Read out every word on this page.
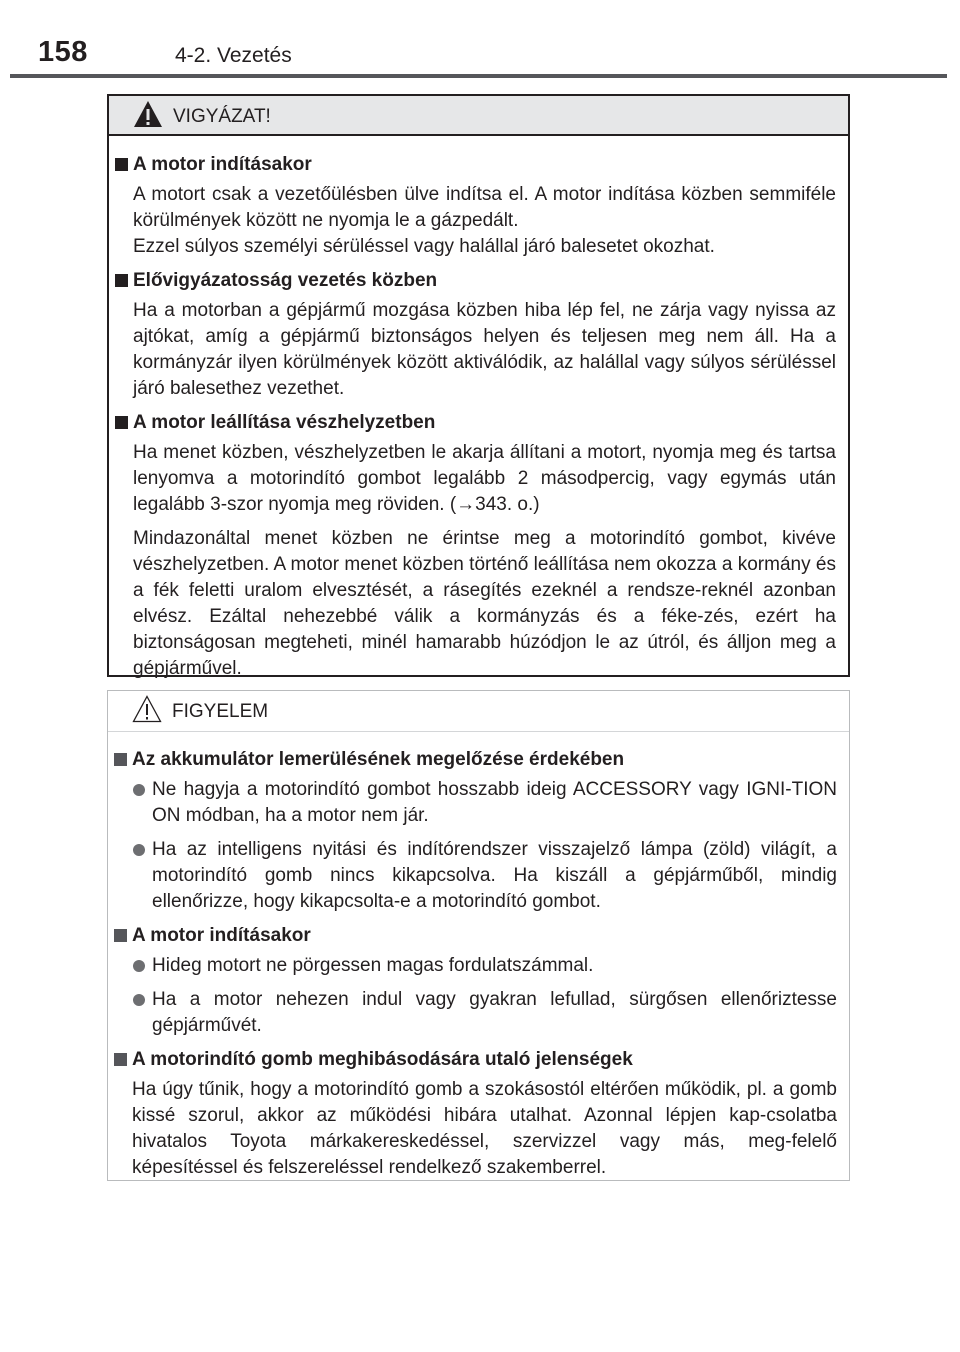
158	4-2. Vezetés
VIGYÁZAT!

A motor indításakor

A motort csak a vezetőülésben ülve indítsa el. A motor indítása közben semmiféle körülmények között ne nyomja le a gázpedált.
Ezzel súlyos személyi sérüléssel vagy halállal járó balesetet okozhat.

Elővigyázatosság vezetés közben

Ha a motorban a gépjármű mozgása közben hiba lép fel, ne zárja vagy nyissa az ajtókat, amíg a gépjármű biztonságos helyen és teljesen meg nem áll. Ha a kormányzár ilyen körülmények között aktiválódik, az halállal vagy súlyos sérüléssel járó balesethez vezethet.

A motor leállítása vészhelyzetben

Ha menet közben, vészhelyzetben le akarja állítani a motort, nyomja meg és tartsa lenyomva a motorindító gombot legalább 2 másodpercig, vagy egymás után legalább 3-szor nyomja meg röviden. (→343. o.)

Mindazonáltal menet közben ne érintse meg a motorindító gombot, kivéve vészhelyzetben. A motor menet közben történő leállítása nem okozza a kormány és a fék feletti uralom elvesztését, a rásegítés ezeknél a rendsze-reknél azonban elvész. Ezáltal nehezebbé válik a kormányzás és a féke-zés, ezért ha biztonságosan megteheti, minél hamarabb húzódjon le az útról, és álljon meg a gépjárművel.

FIGYELEM

Az akkumulátor lemerülésének megelőzése érdekében

Ne hagyja a motorindító gombot hosszabb ideig ACCESSORY vagy IGNI-TION ON módban, ha a motor nem jár.
Ha az intelligens nyitási és indítórendszer visszajelző lámpa (zöld) világít, a motorindító gomb nincs kikapcsolva. Ha kiszáll a gépjárműből, mindig ellenőrizze, hogy kikapcsolta-e a motorindító gombot.

A motor indításakor

Hideg motort ne pörgessen magas fordulatszámmal.
Ha a motor nehezen indul vagy gyakran lefullad, sürgősen ellenőriztesse gépjárművét.

A motorindító gomb meghibásodására utaló jelenségek

Ha úgy tűnik, hogy a motorindító gomb a szokásostól eltérően működik, pl. a gomb kissé szorul, akkor az működési hibára utalhat. Azonnal lépjen kap-csolatba hivatalos Toyota márkakereskedéssel, szervizzel vagy más, meg-felelő képesítéssel és felszereléssel rendelkező szakemberrel.
